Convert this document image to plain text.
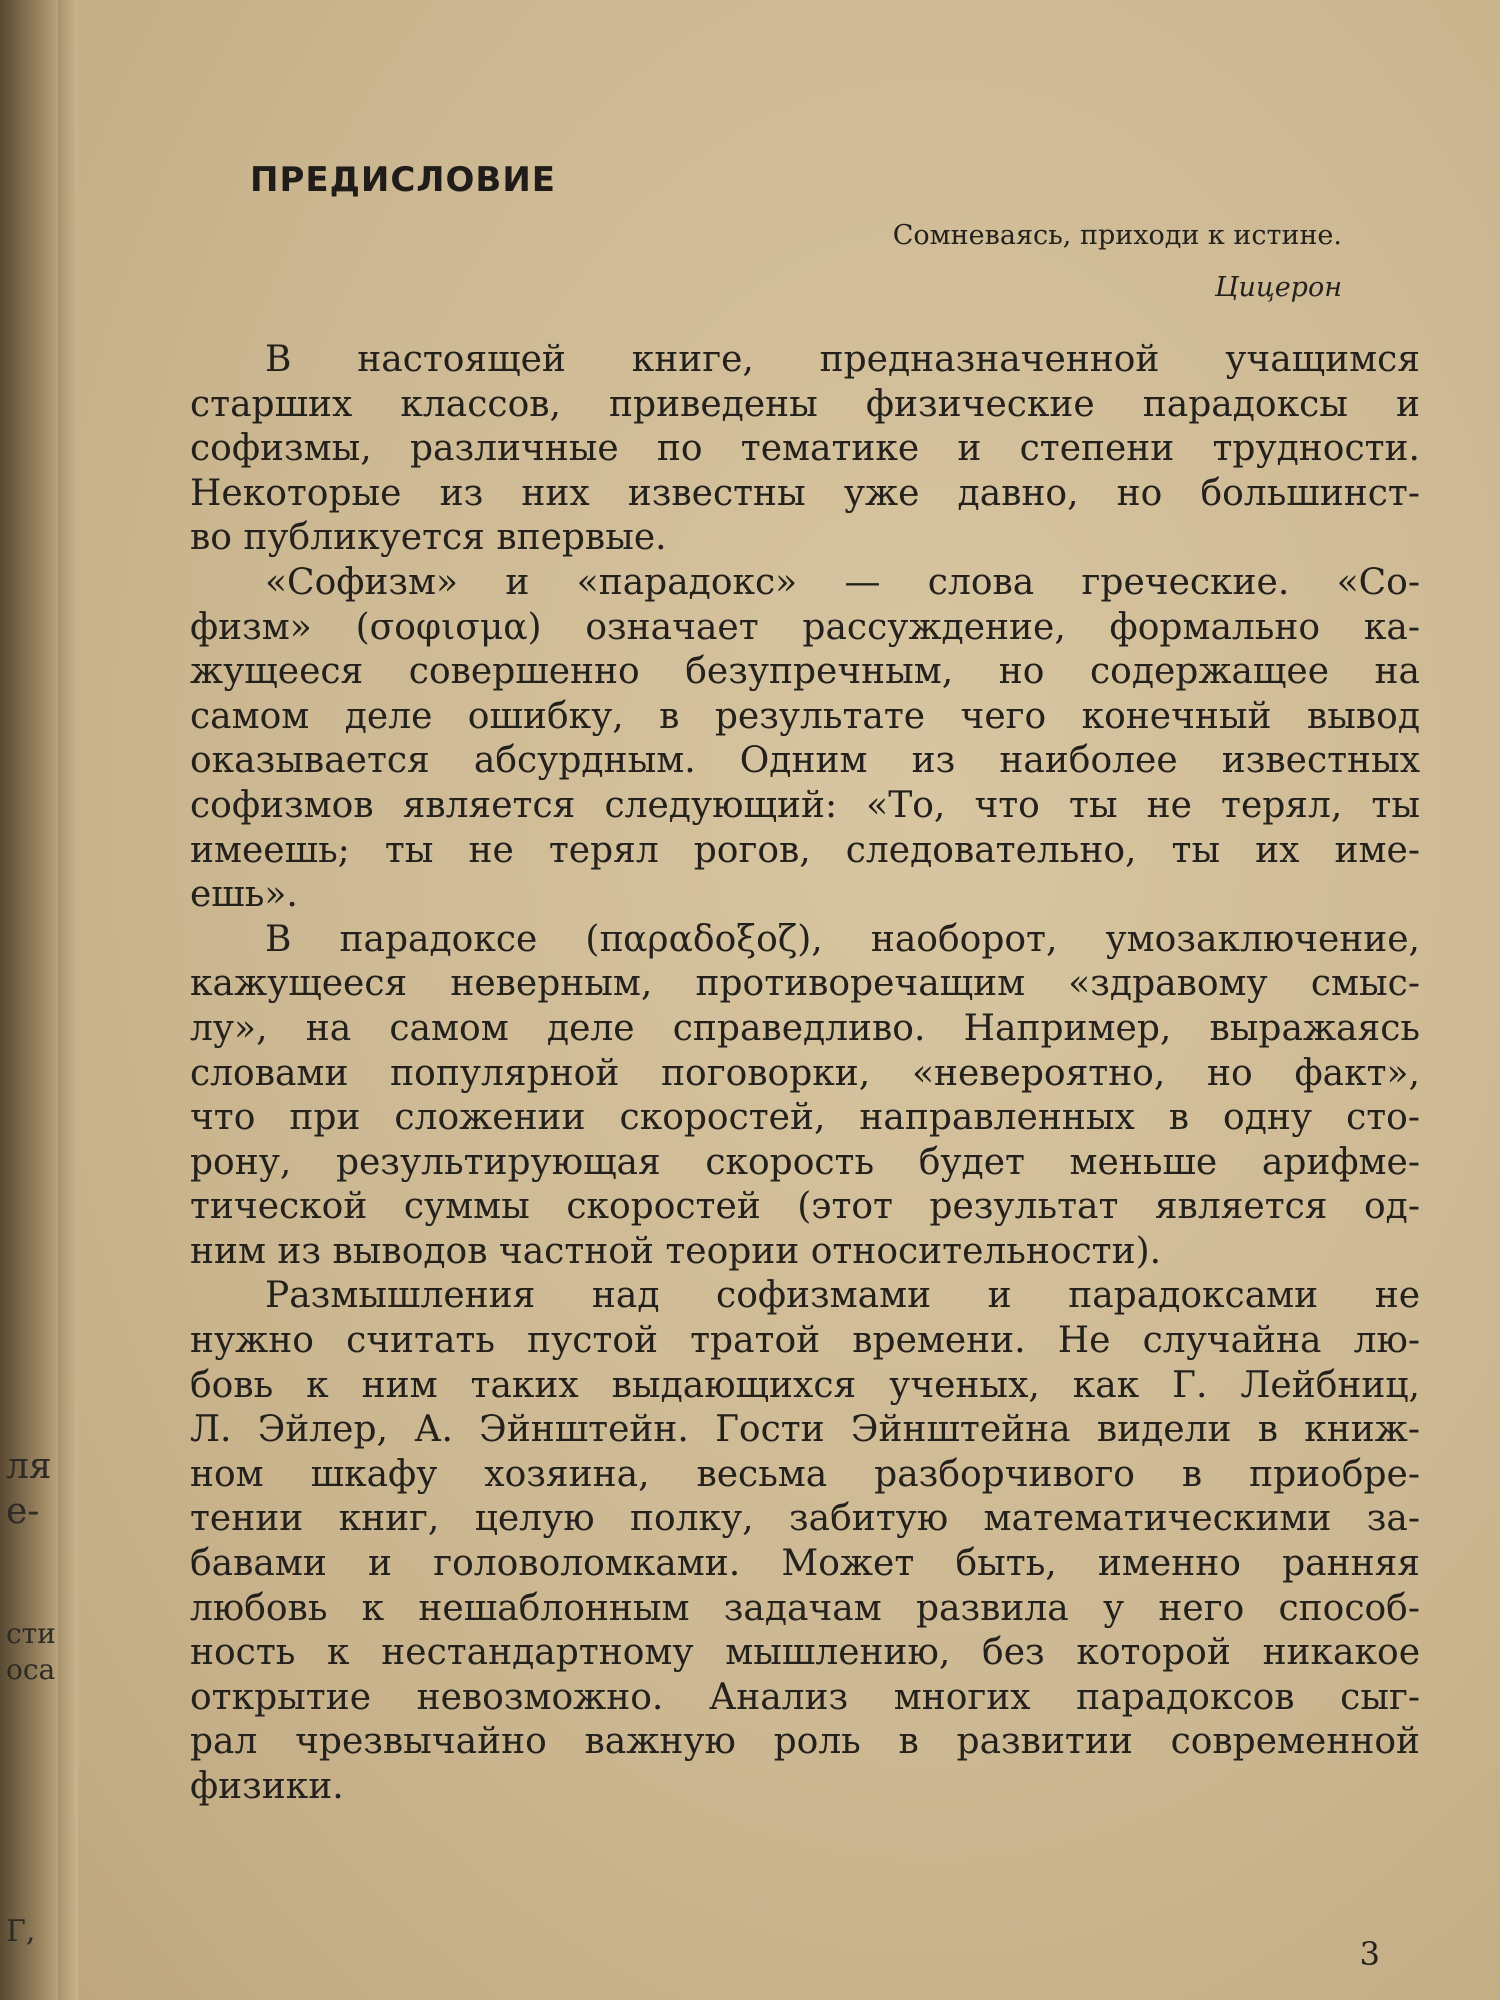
ля
е-
сти
оса
Г,
ПРЕДИСЛОВИЕ
Сомневаясь, приходи к истине.
Цицерон
В настоящей книге, предназначенной учащимся
старших классов, приведены физические парадоксы и
софизмы, различные по тематике и степени трудности.
Некоторые из них известны уже давно, но большинст-
во публикуется впервые.
«Софизм» и «парадокс» — слова греческие. «Со-
физм» (σοφισμα) означает рассуждение, формально ка-
жущееся совершенно безупречным, но содержащее на
самом деле ошибку, в результате чего конечный вывод
оказывается абсурдным. Одним из наиболее известных
софизмов является следующий: «То, что ты не терял, ты
имеешь; ты не терял рогов, следовательно, ты их име-
ешь».
В парадоксе (παραδοξοζ), наоборот, умозаключение,
кажущееся неверным, противоречащим «здравому смыс-
лу», на самом деле справедливо. Например, выражаясь
словами популярной поговорки, «невероятно, но факт»,
что при сложении скоростей, направленных в одну сто-
рону, результирующая скорость будет меньше арифме-
тической суммы скоростей (этот результат является од-
ним из выводов частной теории относительности).
Размышления над софизмами и парадоксами не
нужно считать пустой тратой времени. Не случайна лю-
бовь к ним таких выдающихся ученых, как Г. Лейбниц,
Л. Эйлер, А. Эйнштейн. Гости Эйнштейна видели в книж-
ном шкафу хозяина, весьма разборчивого в приобре-
тении книг, целую полку, забитую математическими за-
бавами и головоломками. Может быть, именно ранняя
любовь к нешаблонным задачам развила у него способ-
ность к нестандартному мышлению, без которой никакое
открытие невозможно. Анализ многих парадоксов сыг-
рал чрезвычайно важную роль в развитии современной
физики.
3
